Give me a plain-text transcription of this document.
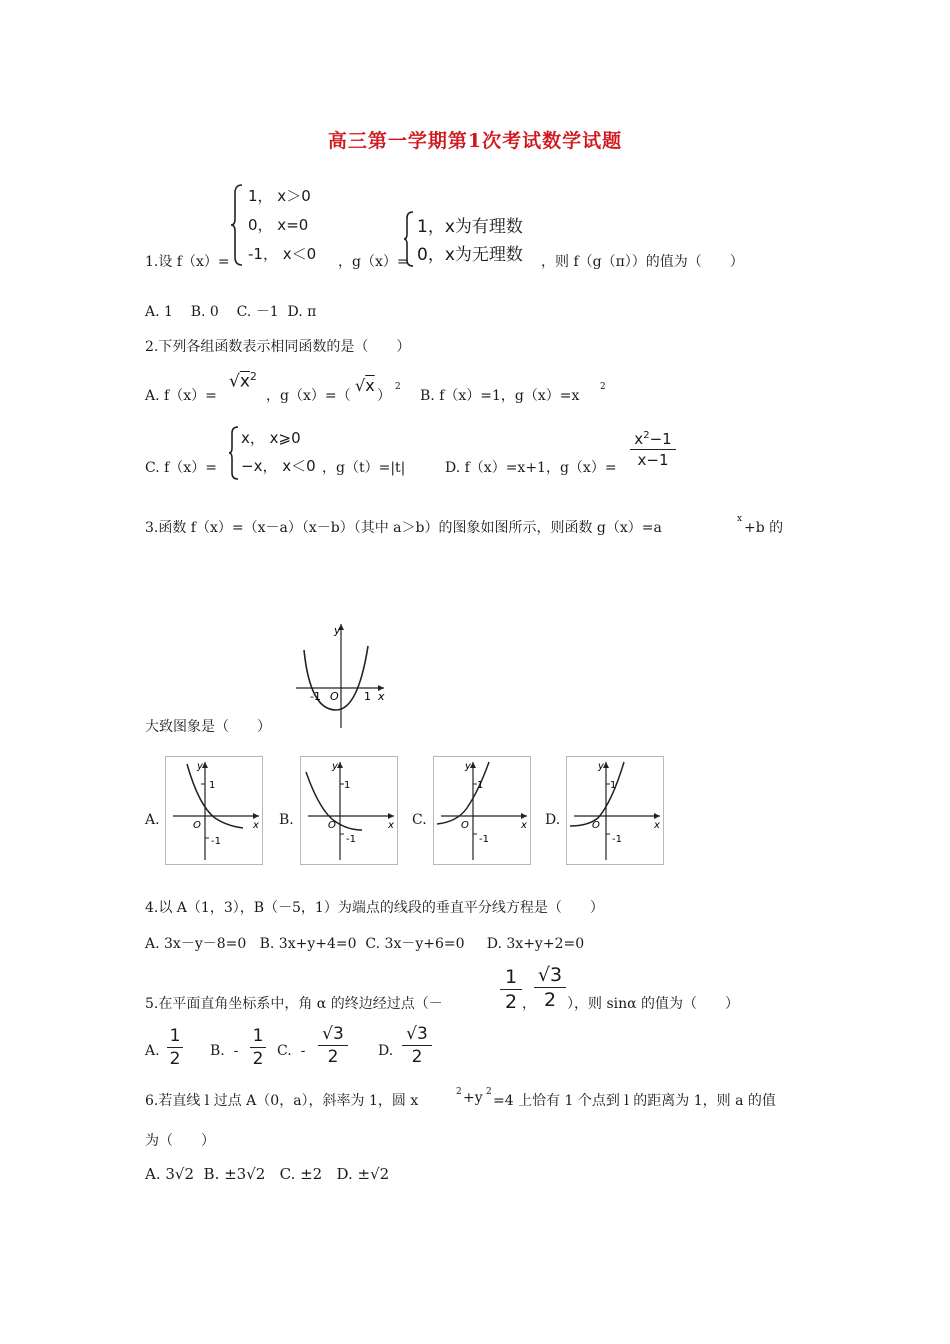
高三第一学期第1次考试数学试题
1， x＞0
0， x=0
-1， x＜0
1，x为有理数
0，x为无理数
1.设 f（x）=	，g（x）=	，则 f（g（π））的值为（　　）
A. 1    B. 0    C. －1  D. π
2.下列各组函数表示相同函数的是（　　）
A. f（x）=
$√x^2$
，g（x）=（
√x
）
2
B. f（x）=1，g（x）=x
2
x， x⩾0
−x， x＜0
C. f（x）=	，g（t）=|t|	D. f（x）=x+1，g（x）=
$x^2-1$
x−1
3.函数 f（x）=（x－a）（x－b）（其中 a＞b）的图象如图所示，则函数 g（x）=a
x
+b 的
y
x
-1 O 1
大致图象是（　　）
A.	B.	C.	D.
y
x
1
O
-1
y
x
1
O
-1
y
x
1
O
-1
y
x
1
O
-1
4.以 A（1，3），B（－5，1）为端点的线段的垂直平分线方程是（　　）
A. 3x－y－8=0   B. 3x+y+4=0  C. 3x－y+6=0     D. 3x+y+2=0
5.在平面直角坐标系中，角 α 的终边经过点（－
1
2 ，
√3
2 ），则 sinα 的值为（　　）
A.
1
2 B.  -
1
2 C.  -
√3
2	D.
√3
2
6.若直线 l 过点 A（0，a），斜率为 1，圆 x
2 +y 2
=4 上恰有 1 个点到 l 的距离为 1，则 a 的值
为（　　）
A. 3√2  B. ±3√2   C. ±2   D. ±√2
